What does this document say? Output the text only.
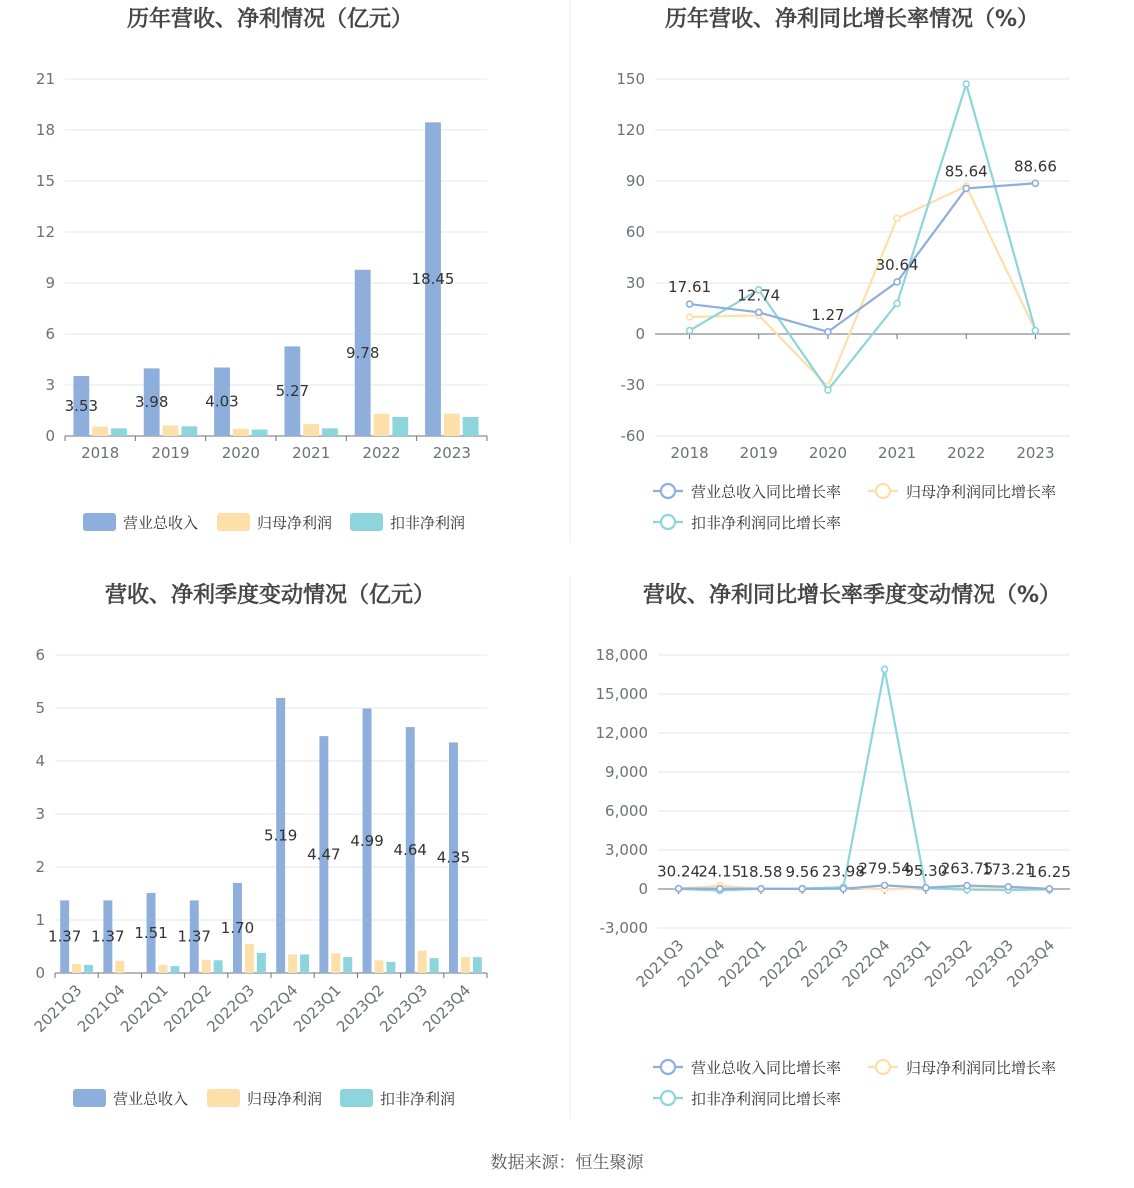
历年营收、净利情况（亿元）
0
3
6
9
12
15
18
21
2018 2019 2020 2021 2022 2023
3.53 3.98 4.03
5.27
9.78
18.45
营业总收入	归母净利润	扣非净利润
历年营收、净利同比增长率情况（%）
-60
-30
0
30
60
90
120
150
2018 2019 2020 2021 2022 2023
17.61 12.74
1.27
30.64
85.64 88.66
营业总收入同比增长率	归母净利润同比增长率
扣非净利润同比增长率
营收、净利季度变动情况（亿元）
0
1
2
3
4
5
6
2021Q3
2021Q4
2022Q1
2022Q2
2022Q3
2022Q4
2023Q1
2023Q2
2023Q3
2023Q4
1.37 1.37 1.51 1.37 1.70
5.19
4.47
4.99
4.64 4.35
营业总收入	归母净利润	扣非净利润
营收、净利同比增长率季度变动情况（%）
-3,000
0
3,000
6,000
9,000
12,000
15,000
18,000
2021Q3
2021Q4
2022Q1
2022Q2
2022Q3
2022Q4
2023Q1
2023Q2
2023Q3
2023Q4
30.24
24.15
18.58 9.56 23.98
279.54
95.30
263.75
173.21
16.25
营业总收入同比增长率	归母净利润同比增长率
扣非净利润同比增长率
数据来源：恒生聚源
